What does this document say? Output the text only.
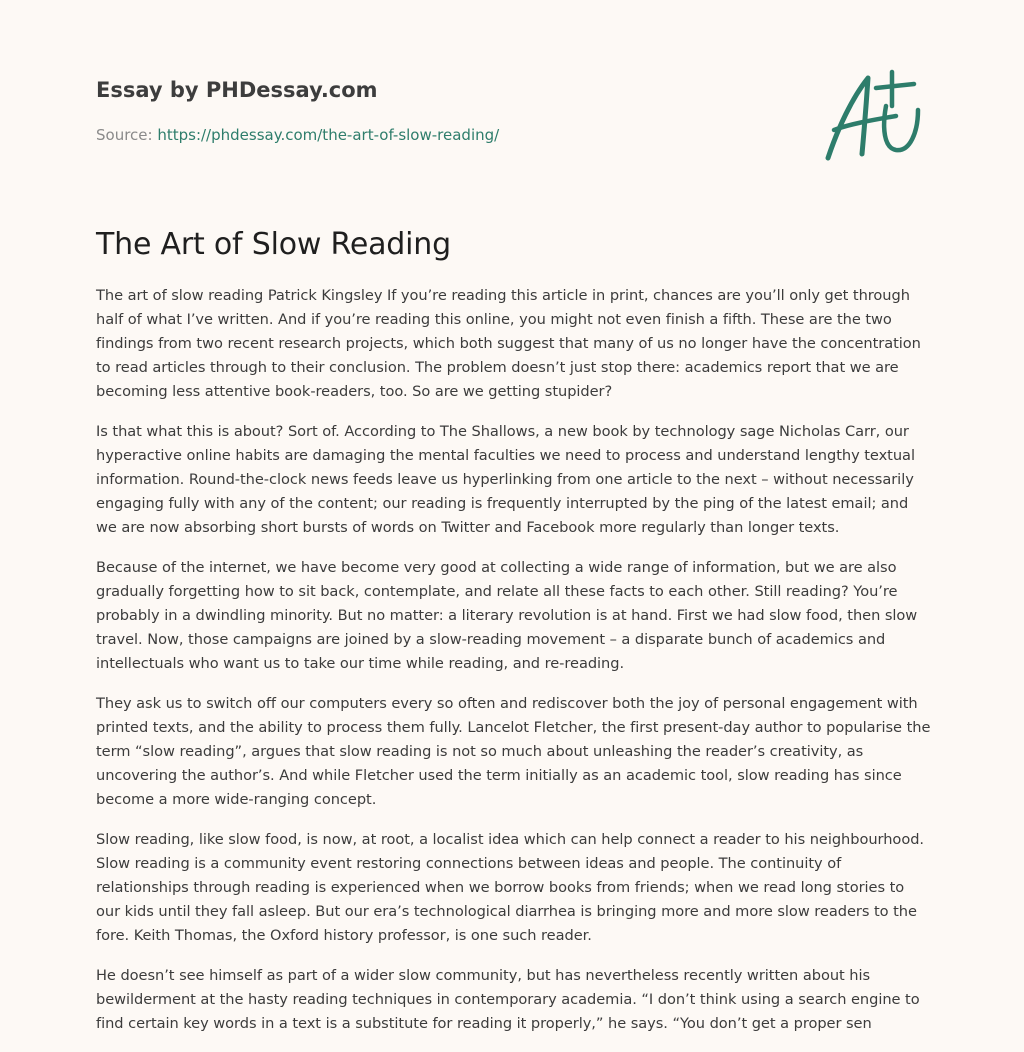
Essay by PHDessay.com
Source: https://phdessay.com/the-art-of-slow-reading/
The Art of Slow Reading

The art of slow reading Patrick Kingsley If you’re reading this article in print, chances are you’ll only get through half of what I’ve written. And if you’re reading this online, you might not even finish a fifth. These are the two findings from two recent research projects, which both suggest that many of us no longer have the concentration to read articles through to their conclusion. The problem doesn’t just stop there: academics report that we are becoming less attentive book-readers, too. So are we getting stupider?

Is that what this is about? Sort of. According to The Shallows, a new book by technology sage Nicholas Carr, our hyperactive online habits are damaging the mental faculties we need to process and understand lengthy textual information. Round-the-clock news feeds leave us hyperlinking from one article to the next – without necessarily engaging fully with any of the content; our reading is frequently interrupted by the ping of the latest email; and we are now absorbing short bursts of words on Twitter and Facebook more regularly than longer texts.

Because of the internet, we have become very good at collecting a wide range of information, but we are also gradually forgetting how to sit back, contemplate, and relate all these facts to each other. Still reading? You’re probably in a dwindling minority. But no matter: a literary revolution is at hand. First we had slow food, then slow travel. Now, those campaigns are joined by a slow-reading movement – a disparate bunch of academics and intellectuals who want us to take our time while reading, and re-reading.

They ask us to switch off our computers every so often and rediscover both the joy of personal engagement with printed texts, and the ability to process them fully. Lancelot Fletcher, the first present-day author to popularise the term “slow reading”, argues that slow reading is not so much about unleashing the reader’s creativity, as uncovering the author’s. And while Fletcher used the term initially as an academic tool, slow reading has since become a more wide-ranging concept.

Slow reading, like slow food, is now, at root, a localist idea which can help connect a reader to his neighbourhood. Slow reading is a community event restoring connections between ideas and people. The continuity of relationships through reading is experienced when we borrow books from friends; when we read long stories to our kids until they fall asleep. But our era’s technological diarrhea is bringing more and more slow readers to the fore. Keith Thomas, the Oxford history professor, is one such reader.

He doesn’t see himself as part of a wider slow community, but has nevertheless recently written about his bewilderment at the hasty reading techniques in contemporary academia. “I don’t think using a search engine to find certain key words in a text is a substitute for reading it properly,” he says. “You don’t get a proper sen
